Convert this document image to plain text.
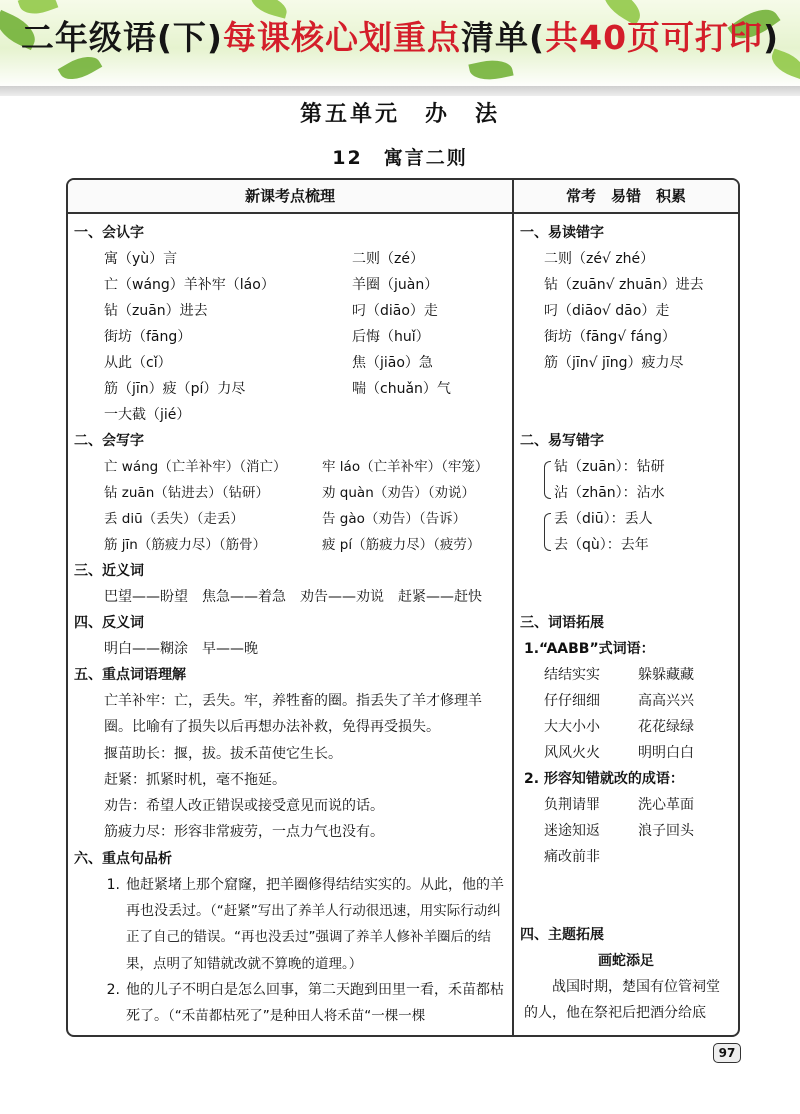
二年级语(下)每课核心划重点清单(共40页可打印)
第五单元　办　法
12　寓言二则
新课考点梳理	常考　易错　积累
一、会认字
寓（yù）言	二则（zé）
亡（wáng）羊补牢（láo）	羊圈（juàn）
钻（zuān）进去	叼（diāo）走
街坊（fāng）	后悔（huǐ）
从此（cǐ）	焦（jiāo）急
筋（jīn）疲（pí）力尽	喘（chuǎn）气
一大截（jié）
二、会写字
亡 wáng（亡羊补牢）（消亡）	牢 láo（亡羊补牢）（牢笼）
钻 zuān（钻进去）（钻研）	劝 quàn（劝告）（劝说）
丢 diū（丢失）（走丢）	告 gào（劝告）（告诉）
筋 jīn（筋疲力尽）（筋骨）	疲 pí（筋疲力尽）（疲劳）
三、近义词
巴望——盼望　焦急——着急　劝告——劝说　赶紧——赶快
四、反义词
明白——糊涂　早——晚
五、重点词语理解
亡羊补牢：亡，丢失。牢，养牲畜的圈。指丢失了羊才修理羊圈。比喻有了损失以后再想办法补救，免得再受损失。
揠苗助长：揠，拔。拔禾苗使它生长。
赶紧：抓紧时机，毫不拖延。
劝告：希望人改正错误或接受意见而说的话。
筋疲力尽：形容非常疲劳，一点力气也没有。
六、重点句品析
1. 他赶紧堵上那个窟窿，把羊圈修得结结实实的。从此，他的羊再也没丢过。（“赶紧”写出了养羊人行动很迅速，用实际行动纠正了自己的错误。“再也没丢过”强调了养羊人修补羊圈后的结果，点明了知错就改就不算晚的道理。）
2. 他的儿子不明白是怎么回事，第二天跑到田里一看，禾苗都枯死了。（“禾苗都枯死了”是种田人将禾苗“一棵一棵
一、易读错字
二则（zé√ zhé）
钻（zuān√ zhuān）进去
叼（diāo√ dāo）走
街坊（fāng√ fáng）
筋（jīn√ jīng）疲力尽
二、易写错字
钻（zuān）：钻研
沾（zhān）：沾水
丢（diū）：丢人
去（qù）：去年
三、词语拓展
1.“AABB”式词语：
结结实实	躲躲藏藏
仔仔细细	高高兴兴
大大小小	花花绿绿
风风火火	明明白白
2. 形容知错就改的成语：
负荆请罪	洗心革面
迷途知返	浪子回头
痛改前非
四、主题拓展
画蛇添足
战国时期，楚国有位管祠堂的人，他在祭祀后把酒分给底
97
